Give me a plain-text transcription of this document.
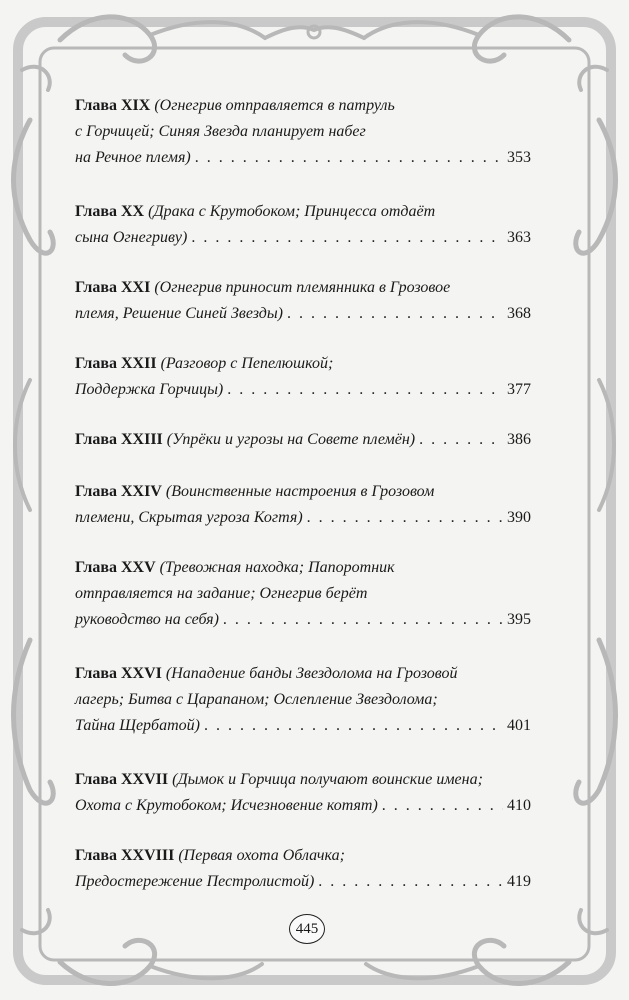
Глава XIX (Огнегрив отправляется в патруль
с Горчицей; Синяя Звезда планирует набег
на Речное племя) . . .	353
Глава XX (Драка с Крутобоком; Принцесса отдаёт
сына Огнегриву) . . .	363
Глава XXI (Огнегрив приносит племянника в Грозовое
племя, Решение Синей Звезды) . . .	368
Глава XXII (Разговор с Пепелюшкой;
Поддержка Горчицы) . . .	377
Глава XXIII
(Упрёки и угрозы на Совете племён) . . .	386
Глава XXIV (Воинственные настроения в Грозовом
племени, Скрытая угроза Когтя) . . .	390
Глава XXV (Тревожная находка; Папоротник
отправляется на задание; Огнегрив берёт
руководство на себя) . . .	395
Глава XXVI (Нападение банды Звездолома на Грозовой
лагерь; Битва с Царапаном; Ослепление Звездолома;
Тайна Щербатой) . . .	401
Глава XXVII (Дымок и Горчица получают воинские имена;
Охота с Крутобоком; Исчезновение котят) . . .	410
Глава XXVIII (Первая охота Облачка;
Предостережение Пестролистой) . . .	419
445
